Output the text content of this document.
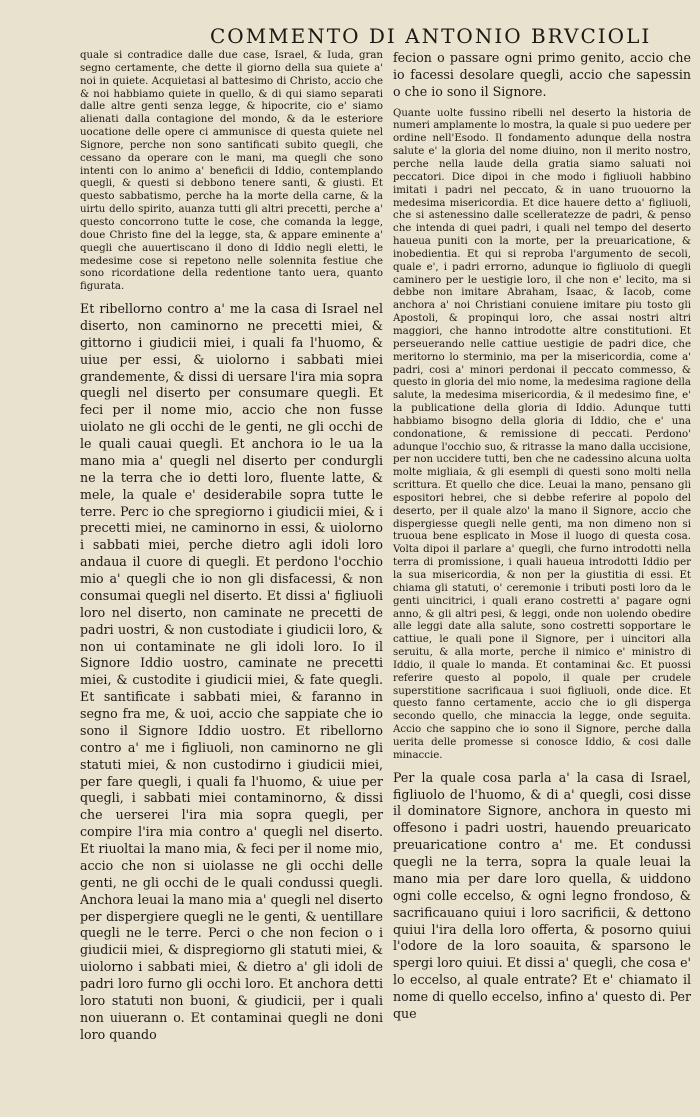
COMMENTO DI ANTONIO BRVCIOLI

quale si contradice dalle due case, Israel, & Iuda, gran segno certamente, che dette il giorno della sua quiete a' noi in quiete. Acquietasi al battesimo di Christo, accio che & noi habbiamo quiete in quello, & di qui siamo separati dalle altre genti senza legge, & hipocrite, cio e' siamo alienati dalla contagione del mondo, & da le esteriore uocatione delle opere ci ammunisce di questa quiete nel Signore, perche non sono santificati subito quegli, che cessano da operare con le mani, ma quegli che sono intenti con lo animo a' beneficii di Iddio, contemplando quegli, & questi si debbono tenere santi, & giusti. Et questo sabbatismo, perche ha la morte della carne, & la uirtu dello spirito, auanza tutti gli altri precetti, perche a' questo concorrono tutte le cose, che comanda la legge, doue Christo fine del la legge, sta, & appare eminente a' quegli che auuertiscano il dono di Iddio negli eletti, le medesime cose si repetono nelle solennita festiue che sono ricordatione della redentione tanto uera, quanto figurata.

Et ribellorno contro a' me la casa di Israel nel diserto, non caminorno ne precetti miei, & gittorno i giudicii miei, i quali fa l'huomo, & uiue per essi, & uiolorno i sabbati miei grandemente, & dissi di uersare l'ira mia sopra quegli nel diserto per consumare quegli. Et feci per il nome mio, accio che non fusse uiolato ne gli occhi de le genti, ne gli occhi de le quali cauai quegli. Et anchora io le ua la mano mia a' quegli nel diserto per condurgli ne la terra che io detti loro, fluente latte, & mele, la quale e' desiderabile sopra tutte le terre. Perc io che spregiorno i giudicii miei, & i precetti miei, ne caminorno in essi, & uiolorno i sabbati miei, perche dietro agli idoli loro andaua il cuore di quegli. Et perdono l'occhio mio a' quegli che io non gli disfacessi, & non consumai quegli nel diserto. Et dissi a' figliuoli loro nel diserto, non caminate ne precetti de padri uostri, & non custodiate i giudicii loro, & non ui contaminate ne gli idoli loro. Io il Signore Iddio uostro, caminate ne precetti miei, & custodite i giudicii miei, & fate quegli. Et santificate i sabbati miei, & faranno in segno fra me, & uoi, accio che sappiate che io sono il Signore Iddio uostro. Et ribellorno contro a' me i figliuoli, non caminorno ne gli statuti miei, & non custodirno i giudicii miei, per fare quegli, i quali fa l'huomo, & uiue per quegli, i sabbati miei contaminorno, & dissi che uerserei l'ira mia sopra quegli, per compire l'ira mia contro a' quegli nel diserto. Et riuoltai la mano mia, & feci per il nome mio, accio che non si uiolasse ne gli occhi delle genti, ne gli occhi de le quali condussi quegli. Anchora leuai la mano mia a' quegli nel diserto per dispergiere quegli ne le genti, & uentillare quegli ne le terre. Perci o che non fecion o i giudicii miei, & dispregiorno gli statuti miei, & uiolorno i sabbati miei, & dietro a' gli idoli de padri loro furno gli occhi loro. Et anchora detti loro statuti non buoni, & giudicii, per i quali non uiuerann o. Et contaminai quegli ne doni loro quando

fecion o passare ogni primo genito, accio che io facessi desolare quegli, accio che sapessin o che io sono il Signore.

Quante uolte fussino ribelli nel deserto la historia de numeri amplamente lo mostra, la quale si puo uedere per ordine nell'Esodo. Il fondamento adunque della nostra salute e' la gloria del nome diuino, non il merito nostro, perche nella laude della gratia siamo saluati noi peccatori. Dice dipoi in che modo i figliuoli habbino imitati i padri nel peccato, & in uano truouorno la medesima misericordia. Et dice hauere detto a' figliuoli, che si astenessino dalle scelleratezze de padri, & penso che intenda di quei padri, i quali nel tempo del deserto haueua puniti con la morte, per la preuaricatione, & inobedientia. Et qui si reproba l'argumento de secoli, quale e', i padri errorno, adunque io figliuolo di quegli caminero per le uestigie loro, il che non e' lecito, ma si debbe non imitare Abraham, Isaac, & Iacob, come anchora a' noi Christiani conuiene imitare piu tosto gli Apostoli, & propinqui loro, che assai nostri altri maggiori, che hanno introdotte altre constitutioni. Et perseuerando nelle cattiue uestigie de padri dice, che meritorno lo sterminio, ma per la misericordia, come a' padri, cosi a' minori perdonai il peccato commesso, & questo in gloria del mio nome, la medesima ragione della salute, la medesima misericordia, & il medesimo fine, e' la publicatione della gloria di Iddio. Adunque tutti habbiamo bisogno della gloria di Iddio, che e' una condonatione, & remissione di peccati. Perdono' adunque l'occhio suo, & ritrasse la mano dalla uccisione, per non uccidere tutti, ben che ne cadessino alcuna uolta molte migliaia, & gli esempli di questi sono molti nella scrittura. Et quello che dice. Leuai la mano, pensano gli espositori hebrei, che si debbe referire al popolo del deserto, per il quale alzo' la mano il Signore, accio che dispergiesse quegli nelle genti, ma non dimeno non si truoua bene esplicato in Mose il luogo di questa cosa. Volta dipoi il parlare a' quegli, che furno introdotti nella terra di promissione, i quali haueua introdotti Iddio per la sua misericordia, & non per la giustitia di essi. Et chiama gli statuti, o' ceremonie i tributi posti loro da le genti uincitrici, i quali erano costretti a' pagare ogni anno, & gli altri pesi, & leggi, onde non uolendo obedire alle leggi date alla salute, sono costretti sopportare le cattiue, le quali pone il Signore, per i uincitori alla seruitu, & alla morte, perche il nimico e' ministro di Iddio, il quale lo manda. Et contaminai &c. Et puossi referire questo al popolo, il quale per crudele superstitione sacrificaua i suoi figliuoli, onde dice. Et questo fanno certamente, accio che io gli disperga secondo quello, che minaccia la legge, onde seguita. Accio che sappino che io sono il Signore, perche dalla uerita delle promesse si conosce Iddio, & cosi dalle minaccie.

Per la quale cosa parla a' la casa di Israel, figliuolo de l'huomo, & di a' quegli, cosi disse il dominatore Signore, anchora in questo mi offesono i padri uostri, hauendo preuaricato preuaricatione contro a' me. Et condussi quegli ne la terra, sopra la quale leuai la mano mia per dare loro quella, & uiddono ogni colle eccelso, & ogni legno frondoso, & sacrificauano quiui i loro sacrificii, & dettono quiui l'ira della loro offerta, & posorno quiui l'odore de la loro soauita, & sparsono le spergi loro quiui. Et dissi a' quegli, che cosa e' lo eccelso, al quale entrate? Et e' chiamato il nome di quello eccelso, infino a' questo di. Per que
